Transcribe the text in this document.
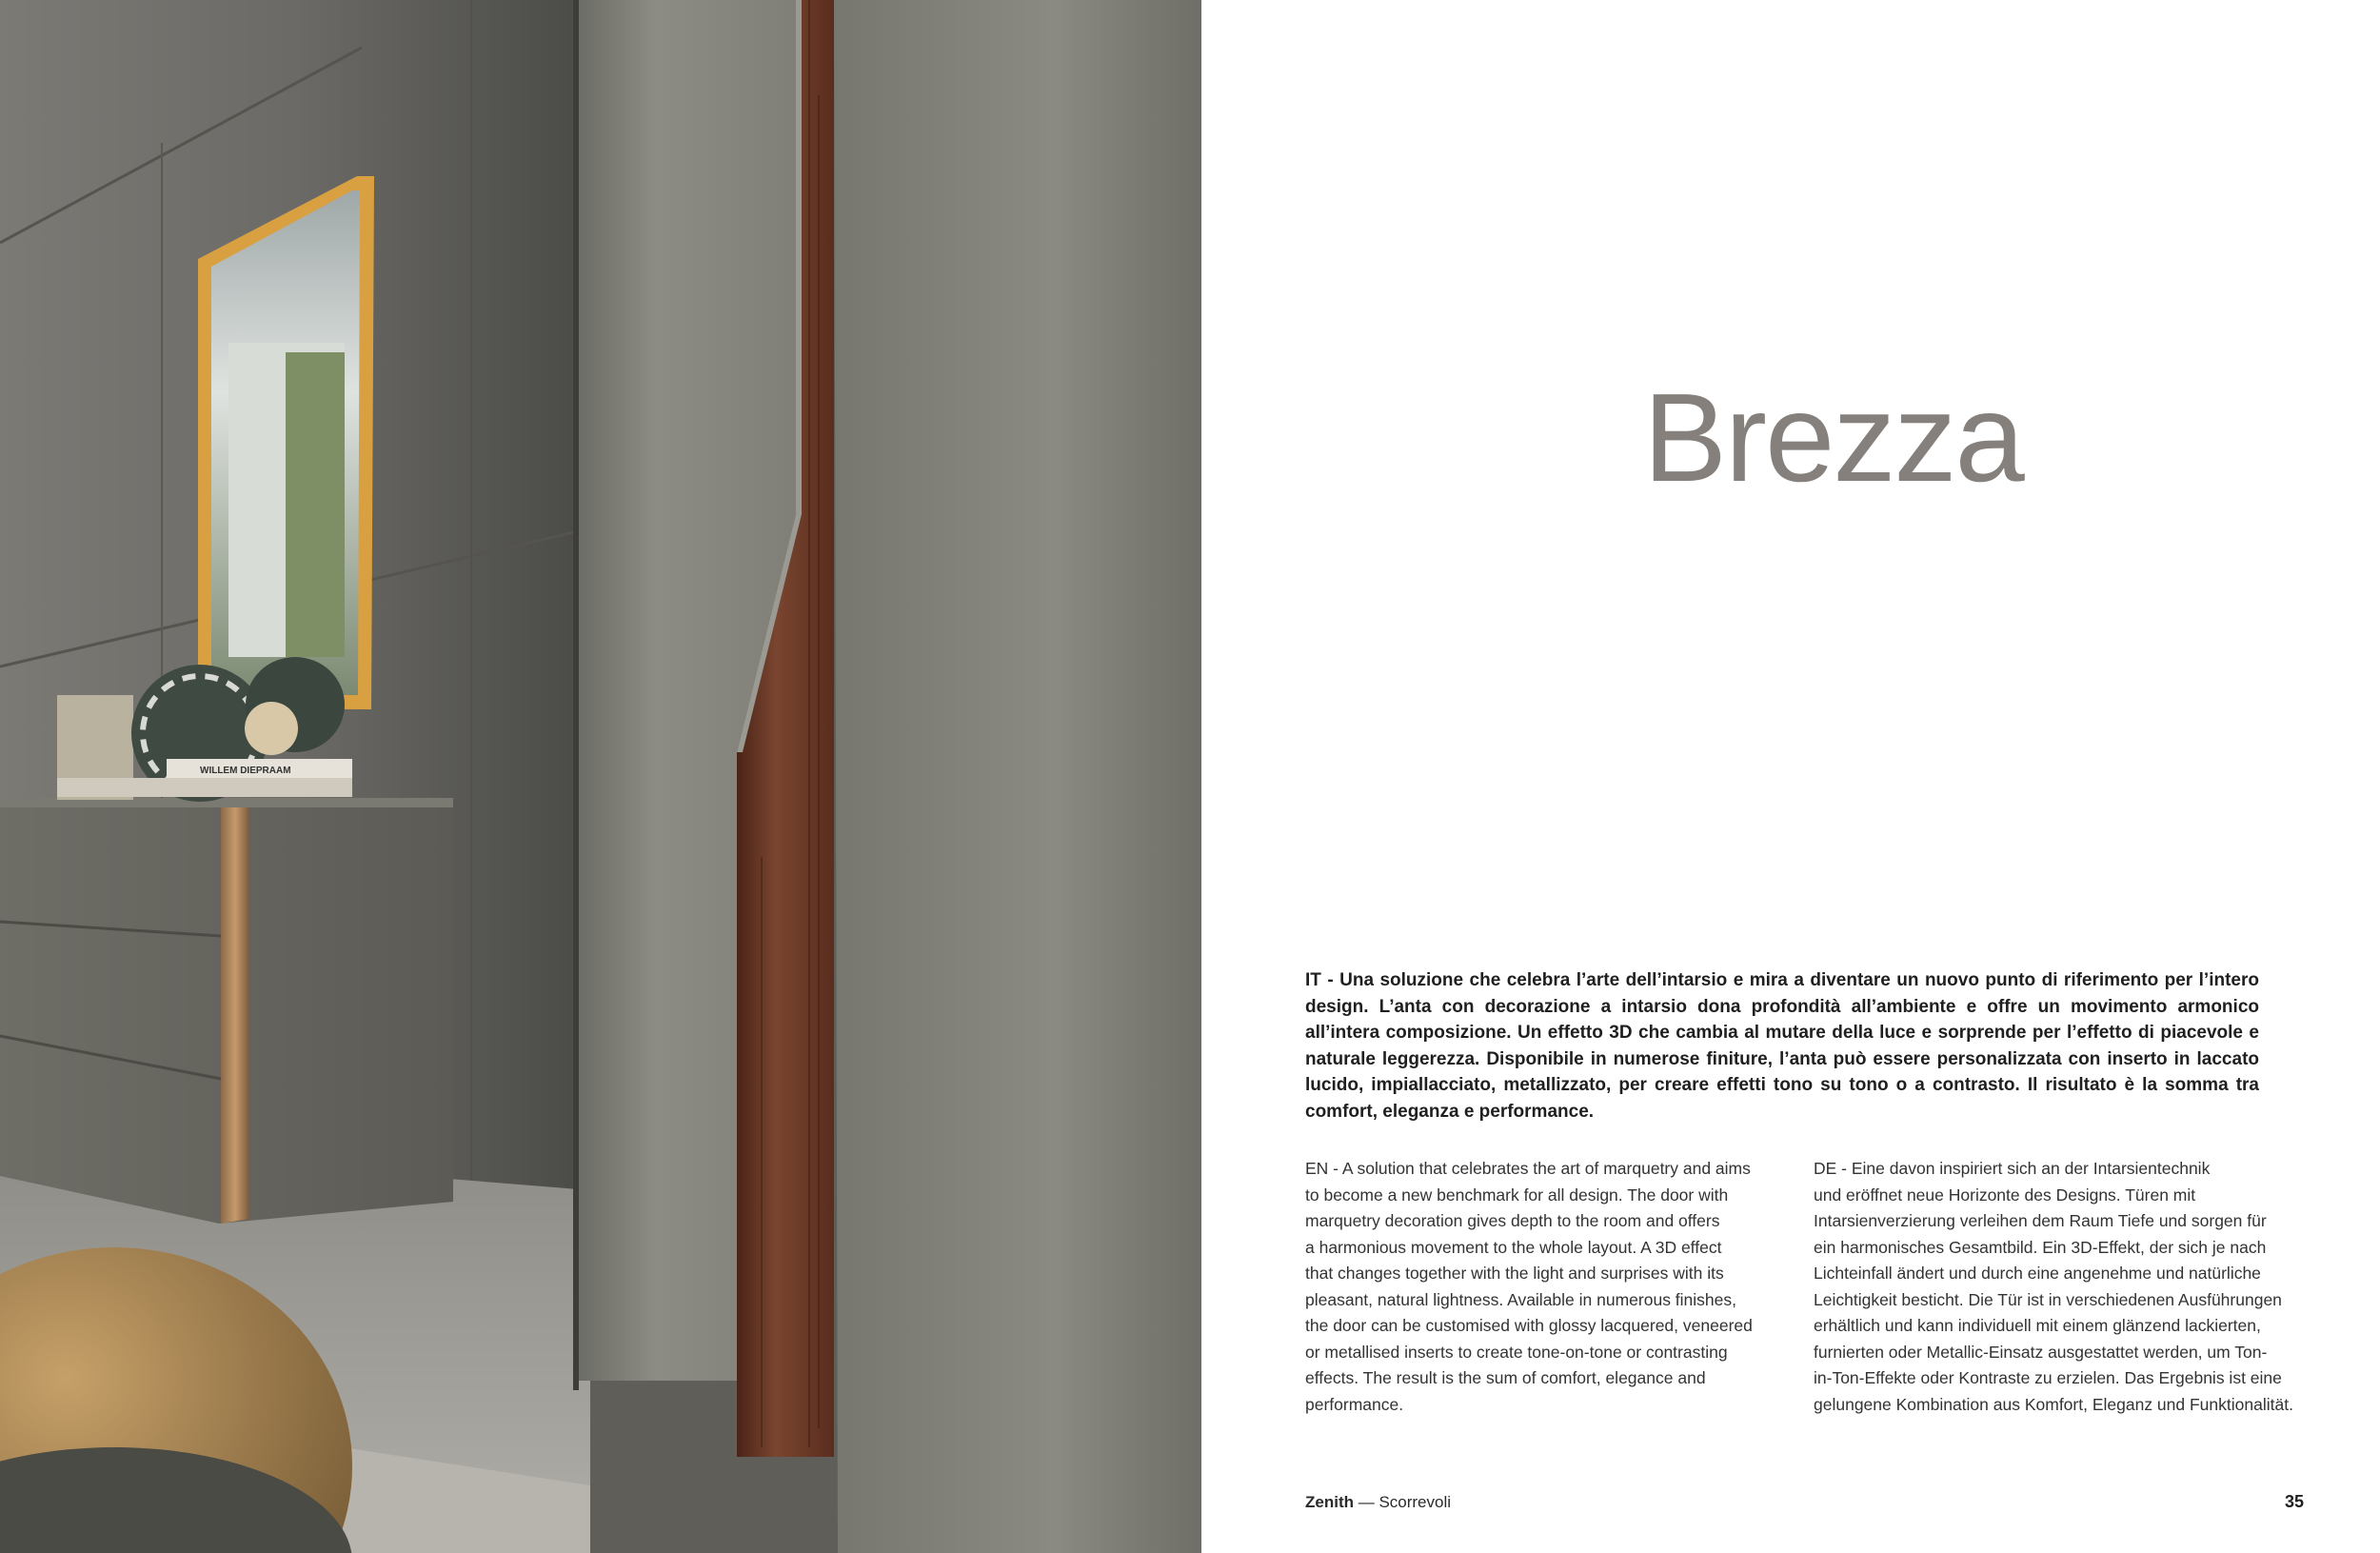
WILLEM DIEPRAAM
Brezza

IT - Una soluzione che celebra l’arte dell’intarsio e mira a diventare un nuovo punto di riferimento per l’intero design. L’anta con decorazione a intarsio dona profondità all’ambiente e offre un movimento armonico all’intera composizione. Un effetto 3D che cambia al mutare della luce e sorprende per l’effetto di piacevole e naturale leggerezza. Disponibile in numerose finiture, l’anta può essere personalizzata con inserto in laccato lucido, impiallacciato, metallizzato, per creare effetti tono su tono o a contrasto. Il risultato è la somma tra comfort, eleganza e performance.

EN - A solution that celebrates the art of marquetry and aims
to become a new benchmark for all design. The door with
marquetry decoration gives depth to the room and offers
a harmonious movement to the whole layout. A 3D effect
that changes together with the light and surprises with its
pleasant, natural lightness. Available in numerous finishes,
the door can be customised with glossy lacquered, veneered
or metallised inserts to create tone-on-tone or contrasting
effects. The result is the sum of comfort, elegance and
performance.
DE - Eine davon inspiriert sich an der Intarsientechnik
und eröffnet neue Horizonte des Designs. Türen mit
Intarsienverzierung verleihen dem Raum Tiefe und sorgen für
ein harmonisches Gesamtbild. Ein 3D-Effekt, der sich je nach
Lichteinfall ändert und durch eine angenehme und natürliche
Leichtigkeit besticht. Die Tür ist in verschiedenen Ausführungen
erhältlich und kann individuell mit einem glänzend lackierten,
furnierten oder Metallic-Einsatz ausgestattet werden, um Ton-
in-Ton-Effekte oder Kontraste zu erzielen. Das Ergebnis ist eine
gelungene Kombination aus Komfort, Eleganz und Funktionalität.
Zenith — Scorrevoli	35
